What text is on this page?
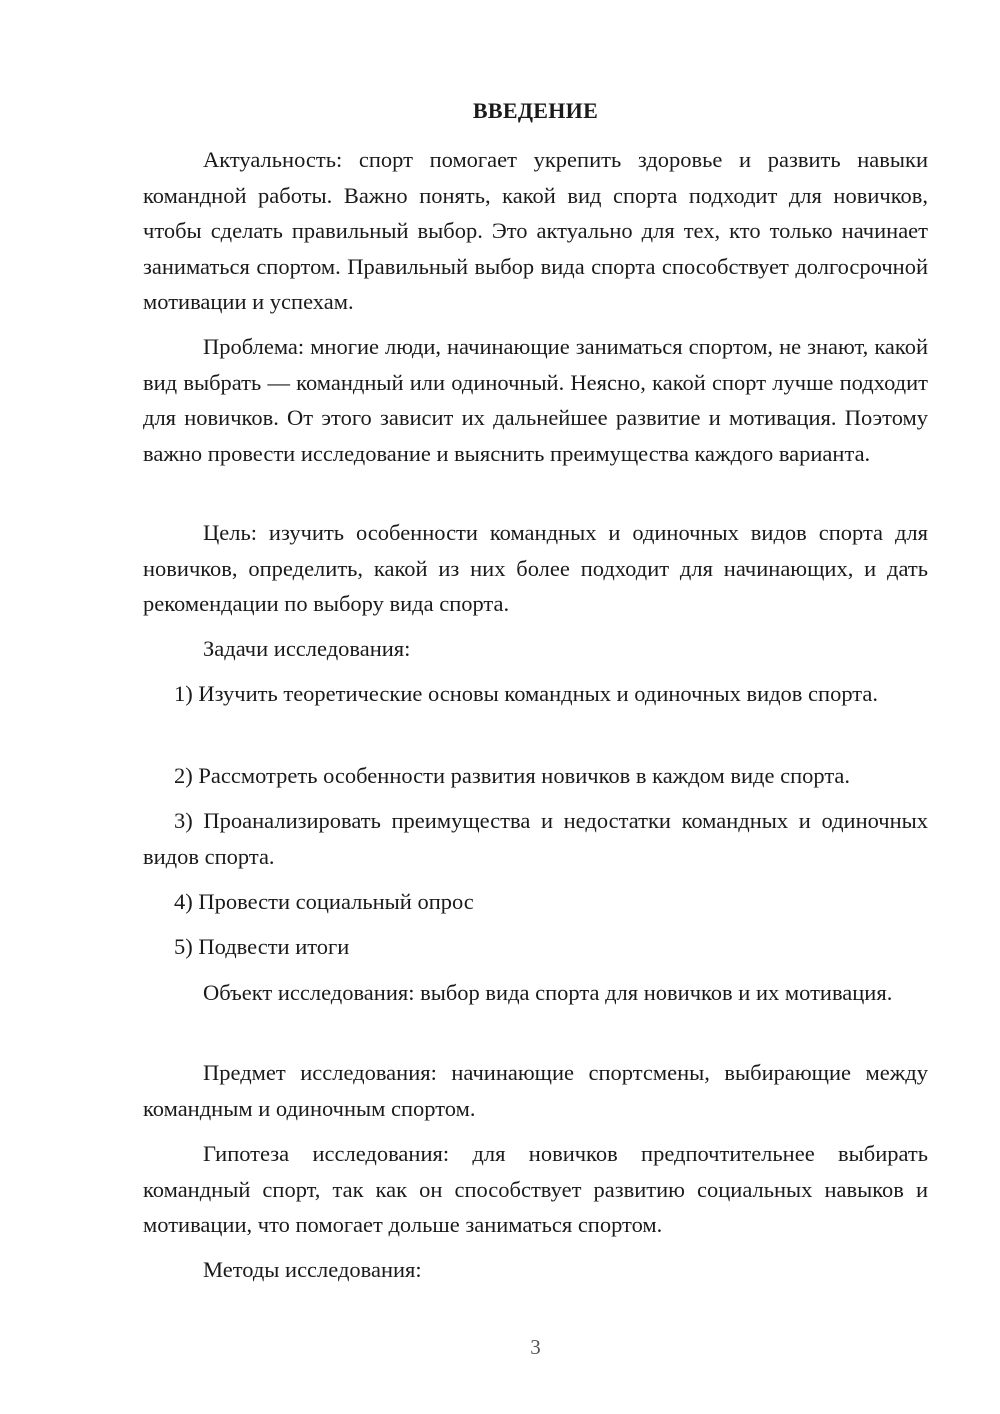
ВВЕДЕНИЕ

Актуальность: спорт помогает укрепить здоровье и развить навыки командной работы. Важно понять, какой вид спорта подходит для новичков, чтобы сделать правильный выбор. Это актуально для тех, кто только начинает заниматься спортом. Правильный выбор вида спорта способствует долгосрочной мотивации и успехам.

Проблема: многие люди, начинающие заниматься спортом, не знают, какой вид выбрать — командный или одиночный. Неясно, какой спорт лучше подходит для новичков. От этого зависит их дальнейшее развитие и мотивация. Поэтому важно провести исследование и выяснить преимущества каждого варианта.

Цель: изучить особенности командных и одиночных видов спорта для новичков, определить, какой из них более подходит для начинающих, и дать рекомендации по выбору вида спорта.

Задачи исследования:

1) Изучить теоретические основы командных и одиночных видов спорта.

2) Рассмотреть особенности развития новичков в каждом виде спорта.

3) Проанализировать преимущества и недостатки командных и одиночных видов спорта.

4) Провести социальный опрос

5) Подвести итоги

Объект исследования: выбор вида спорта для новичков и их мотивация.

Предмет исследования: начинающие спортсмены, выбирающие между командным и одиночным спортом.

Гипотеза исследования: для новичков предпочтительнее выбирать командный спорт, так как он способствует развитию социальных навыков и мотивации, что помогает дольше заниматься спортом.

Методы исследования:

3
